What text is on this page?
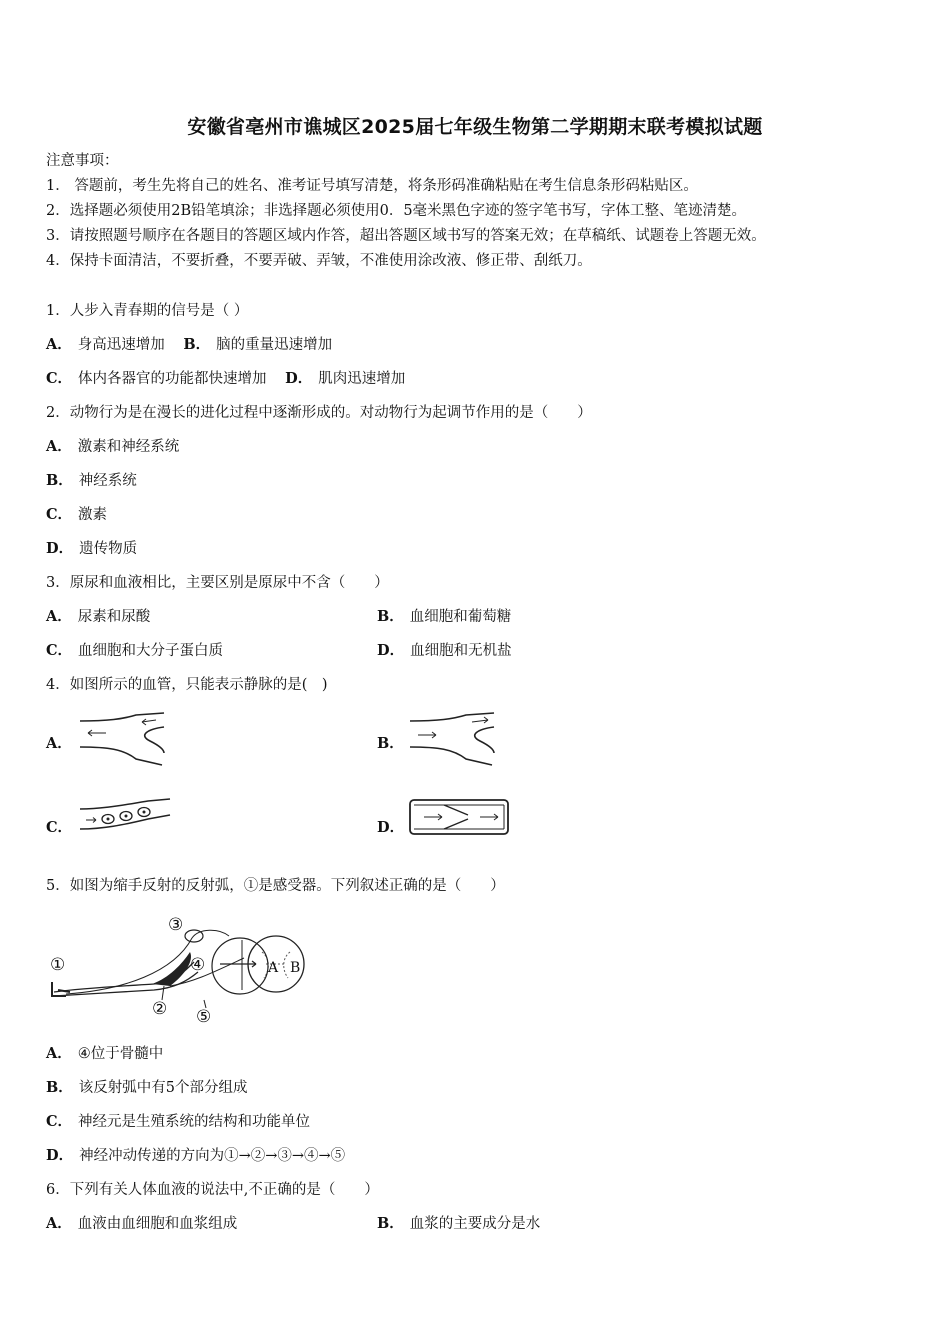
安徽省亳州市谯城区2025届七年级生物第二学期期末联考模拟试题
注意事项：
1． 答题前，考生先将自己的姓名、准考证号填写清楚，将条形码准确粘贴在考生信息条形码粘贴区。
2．选择题必须使用2B铅笔填涂；非选择题必须使用0．5毫米黑色字迹的签字笔书写，字体工整、笔迹清楚。
3．请按照题号顺序在各题目的答题区域内作答，超出答题区域书写的答案无效；在草稿纸、试题卷上答题无效。
4．保持卡面清洁，不要折叠，不要弄破、弄皱，不准使用涂改液、修正带、刮纸刀。
1．人步入青春期的信号是（ ）
A． 身高迅速增加 B． 脑的重量迅速增加
C． 体内各器官的功能都快速增加 D． 肌肉迅速增加
2．动物行为是在漫长的进化过程中逐渐形成的。对动物行为起调节作用的是（　　）
A． 激素和神经系统
B． 神经系统
C． 激素
D． 遗传物质
3．原尿和血液相比，主要区别是原尿中不含（　　）
A． 尿素和尿酸	B． 血细胞和葡萄糖
C． 血细胞和大分子蛋白质	D． 血细胞和无机盐
4．如图所示的血管，只能表示静脉的是(　)
A．	B．
C．	D．
5．如图为缩手反射的反射弧，①是感受器。下列叙述正确的是（　　）
①
②
③
④
⑤
A B
A． ④位于骨髓中
B． 该反射弧中有5个部分组成
C． 神经元是生殖系统的结构和功能单位
D． 神经冲动传递的方向为①→②→③→④→⑤
6．下列有关人体血液的说法中,不正确的是（　　）
A． 血液由血细胞和血浆组成	B． 血浆的主要成分是水
